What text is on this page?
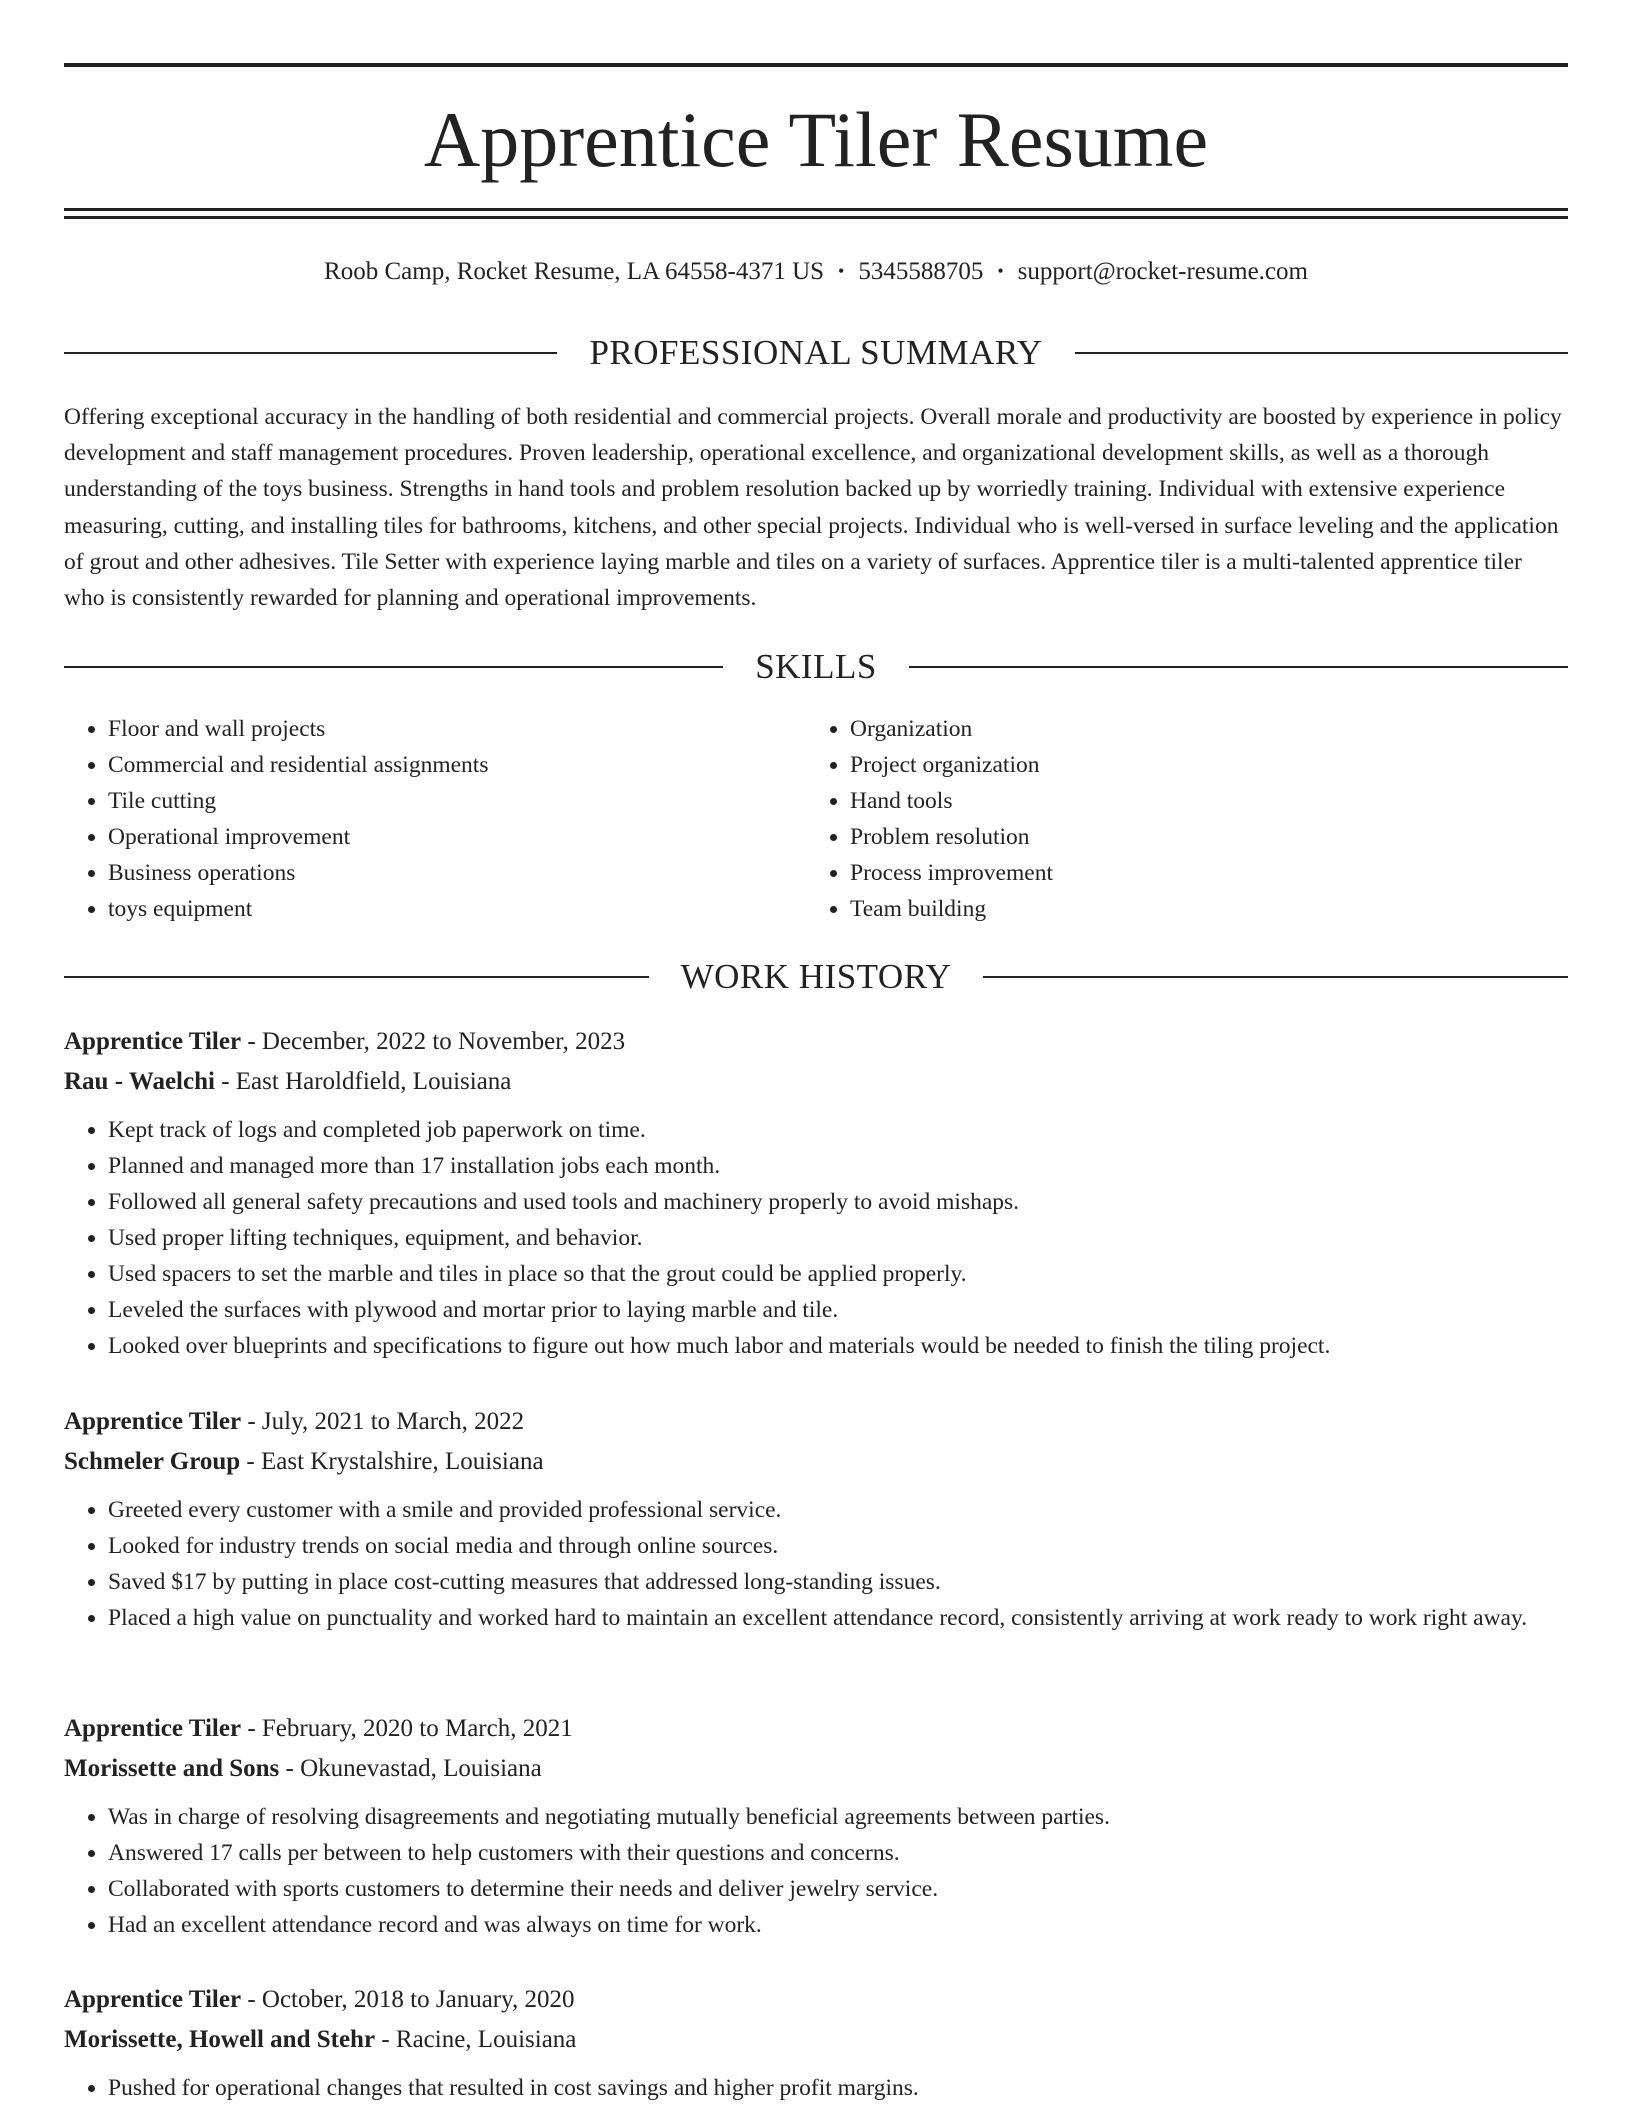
Apprentice Tiler Resume
Roob Camp, Rocket Resume, LA 64558-4371 US • 5345588705 • support@rocket-resume.com
PROFESSIONAL SUMMARY

Offering exceptional accuracy in the handling of both residential and commercial projects. Overall morale and productivity are boosted by experience in policy development and staff management procedures. Proven leadership, operational excellence, and organizational development skills, as well as a thorough understanding of the toys business. Strengths in hand tools and problem resolution backed up by worriedly training. Individual with extensive experience measuring, cutting, and installing tiles for bathrooms, kitchens, and other special projects. Individual who is well-versed in surface leveling and the application of grout and other adhesives. Tile Setter with experience laying marble and tiles on a variety of surfaces. Apprentice tiler is a multi-talented apprentice tiler who is consistently rewarded for planning and operational improvements.

SKILLS
• Floor and wall projects
• Commercial and residential assignments
• Tile cutting
• Operational improvement
• Business operations
• toys equipment
• Organization
• Project organization
• Hand tools
• Problem resolution
• Process improvement
• Team building
WORK HISTORY
Apprentice Tiler - December, 2022 to November, 2023
Rau - Waelchi - East Haroldfield, Louisiana
• Kept track of logs and completed job paperwork on time.
• Planned and managed more than 17 installation jobs each month.
• Followed all general safety precautions and used tools and machinery properly to avoid mishaps.
• Used proper lifting techniques, equipment, and behavior.
• Used spacers to set the marble and tiles in place so that the grout could be applied properly.
• Leveled the surfaces with plywood and mortar prior to laying marble and tile.
• Looked over blueprints and specifications to figure out how much labor and materials would be needed to finish the tiling project.
Apprentice Tiler - July, 2021 to March, 2022
Schmeler Group - East Krystalshire, Louisiana
• Greeted every customer with a smile and provided professional service.
• Looked for industry trends on social media and through online sources.
• Saved $17 by putting in place cost-cutting measures that addressed long-standing issues.
• Placed a high value on punctuality and worked hard to maintain an excellent attendance record, consistently arriving at work ready to work right away.
Apprentice Tiler - February, 2020 to March, 2021
Morissette and Sons - Okunevastad, Louisiana
• Was in charge of resolving disagreements and negotiating mutually beneficial agreements between parties.
• Answered 17 calls per between to help customers with their questions and concerns.
• Collaborated with sports customers to determine their needs and deliver jewelry service.
• Had an excellent attendance record and was always on time for work.
Apprentice Tiler - October, 2018 to January, 2020
Morissette, Howell and Stehr - Racine, Louisiana
• Pushed for operational changes that resulted in cost savings and higher profit margins.
